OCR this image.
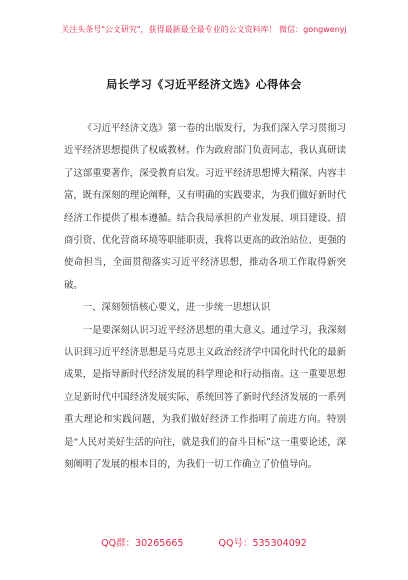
关注头条号"公文研究"，获得最新最全最专业的公文资料库！ 微信：gongwenyj
局长学习《习近平经济文选》心得体会

《习近平经济文选》第一卷的出版发行，为我们深入学习贯彻习近平经济思想提供了权威教材。作为政府部门负责同志，我认真研读了这部重要著作，深受教育启发。习近平经济思想博大精深、内容丰富，既有深刻的理论阐释，又有明确的实践要求，为我们做好新时代经济工作提供了根本遵循。结合我局承担的产业发展、项目建设、招商引资、优化营商环境等职能职责，我将以更高的政治站位、更强的使命担当，全面贯彻落实习近平经济思想，推动各项工作取得新突破。

一、深刻领悟核心要义，进一步统一思想认识

一是要深刻认识习近平经济思想的重大意义。通过学习，我深刻认识到习近平经济思想是马克思主义政治经济学中国化时代化的最新成果，是指导新时代经济发展的科学理论和行动指南。这一重要思想立足新时代中国经济发展实际，系统回答了新时代经济发展的一系列重大理论和实践问题，为我们做好经济工作指明了前进方向。特别是“人民对美好生活的向往，就是我们的奋斗目标”这一重要论述，深刻阐明了发展的根本目的，为我们一切工作确立了价值导向。

QQ群：30265665	QQ号：535304092
